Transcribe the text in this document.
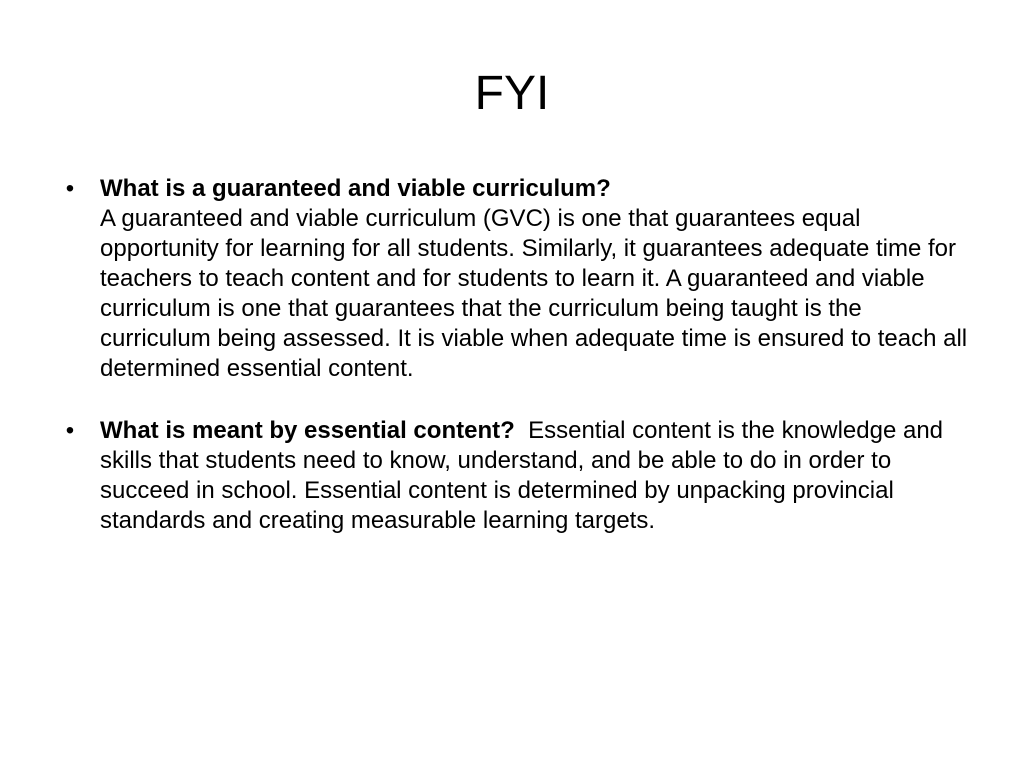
FYI
• What is a guaranteed and viable curriculum?
A guaranteed and viable curriculum (GVC) is one that guarantees equal opportunity for learning for all students. Similarly, it guarantees adequate time for teachers to teach content and for students to learn it. A guaranteed and viable curriculum is one that guarantees that the curriculum being taught is the curriculum being assessed. It is viable when adequate time is ensured to teach all determined essential content.
• What is meant by essential content? Essential content is the knowledge and skills that students need to know, understand, and be able to do in order to succeed in school. Essential content is determined by unpacking provincial standards and creating measurable learning targets.
